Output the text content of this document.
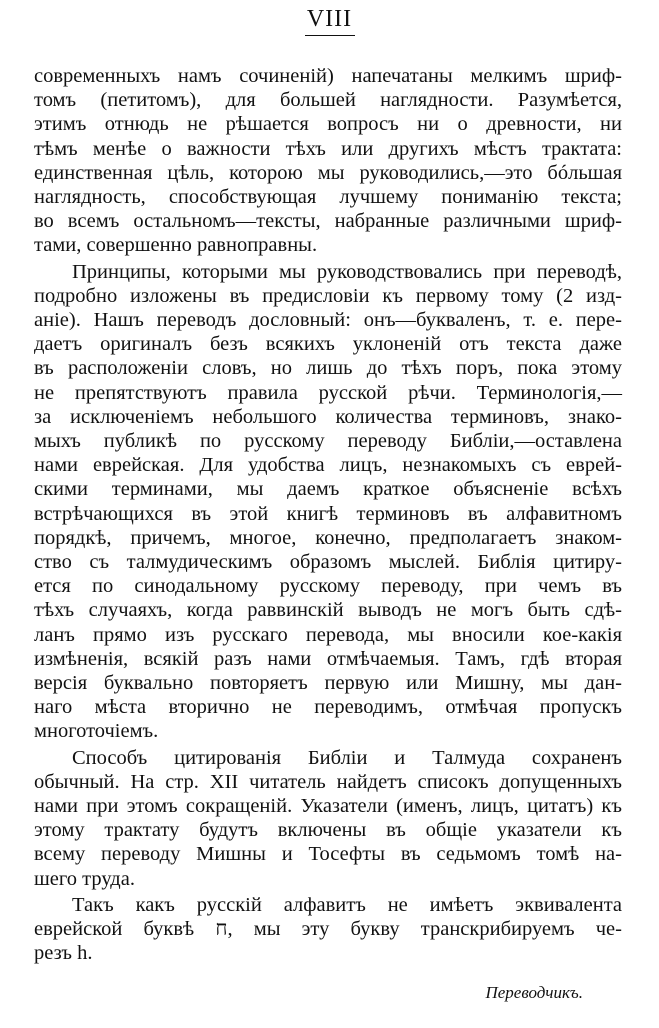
VIII
современныхъ намъ сочиненій) напечатаны мелкимъ шриф-
томъ (петитомъ), для большей наглядности. Разумѣется,
этимъ отнюдь не рѣшается вопросъ ни о древности, ни
тѣмъ менѣе о важности тѣхъ или другихъ мѣстъ трактата:
единственная цѣль, которою мы руководились,—это бóльшая
наглядность, способствующая лучшему пониманію текста;
во всемъ остальномъ—тексты, набранные различными шриф-
тами, совершенно равноправны.
Принципы, которыми мы руководствовались при переводѣ,
подробно изложены въ предисловіи къ первому тому (2 изд-
аніе). Нашъ переводъ дословный: онъ—букваленъ, т. е. пере-
даетъ оригиналъ безъ всякихъ уклоненій отъ текста даже
въ расположеніи словъ, но лишь до тѣхъ поръ, пока этому
не препятствуютъ правила русской рѣчи. Терминологія,—
за исключеніемъ небольшого количества терминовъ, знако-
мыхъ публикѣ по русскому переводу Библіи,—оставлена
нами еврейская. Для удобства лицъ, незнакомыхъ съ еврей-
скими терминами, мы даемъ краткое объясненіе всѣхъ
встрѣчающихся въ этой книгѣ терминовъ въ алфавитномъ
порядкѣ, причемъ, многое, конечно, предполагаетъ знаком-
ство съ талмудическимъ образомъ мыслей. Библія цитиру-
ется по синодальному русскому переводу, при чемъ въ
тѣхъ случаяхъ, когда раввинскій выводъ не могъ быть сдѣ-
ланъ прямо изъ русскаго перевода, мы вносили кое-какія
измѣненія, всякій разъ нами отмѣчаемыя. Тамъ, гдѣ вторая
версія буквально повторяетъ первую или Мишну, мы дан-
наго мѣста вторично не переводимъ, отмѣчая пропускъ
многоточіемъ.
Способъ цитированія Библіи и Талмуда сохраненъ
обычный. На стр. XII читатель найдетъ списокъ допущенныхъ
нами при этомъ сокращеній. Указатели (именъ, лицъ, цитатъ) къ
этому трактату будутъ включены въ общіе указатели къ
всему переводу Мишны и Тосефты въ седьмомъ томѣ на-
шего труда.
Такъ какъ русскій алфавитъ не имѣетъ эквивалента
еврейской буквѣ ח, мы эту букву транскрибируемъ че-
резъ h.
Переводчикъ.
